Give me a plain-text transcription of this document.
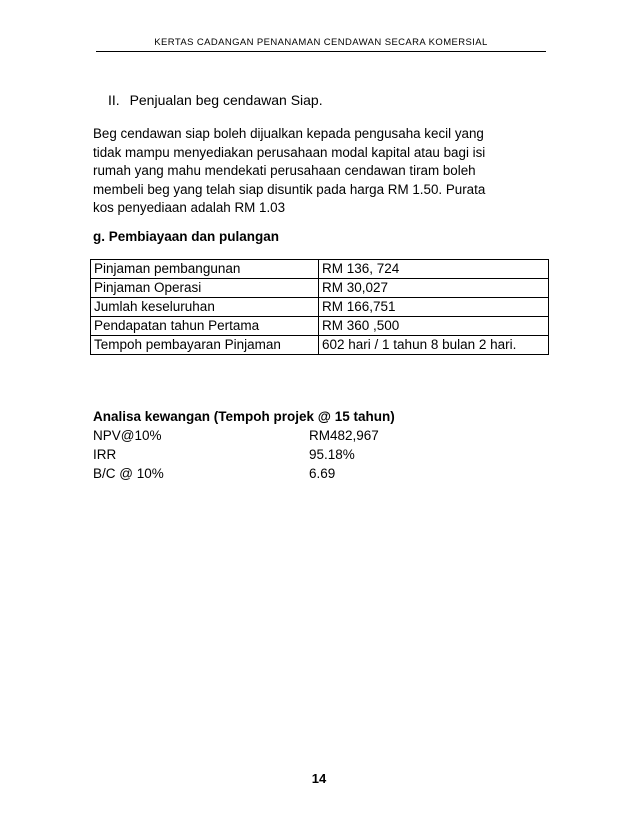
KERTAS CADANGAN PENANAMAN CENDAWAN SECARA KOMERSIAL
II. Penjualan beg cendawan Siap.
Beg cendawan siap boleh dijualkan kepada pengusaha kecil yang
tidak mampu menyediakan perusahaan modal kapital atau bagi isi
rumah yang mahu mendekati perusahaan cendawan tiram boleh
membeli beg yang telah siap disuntik pada harga RM 1.50. Purata
kos penyediaan adalah RM 1.03
g. Pembiayaan dan pulangan
Pinjaman pembangunan	RM 136, 724
Pinjaman Operasi	RM 30,027
Jumlah keseluruhan	RM 166,751
Pendapatan tahun Pertama	RM 360 ,500
Tempoh pembayaran Pinjaman	602 hari / 1 tahun 8 bulan 2 hari.
Analisa kewangan (Tempoh projek @ 15 tahun)
NPV@10%	RM482,967
IRR	95.18%
B/C @ 10%	6.69
14
